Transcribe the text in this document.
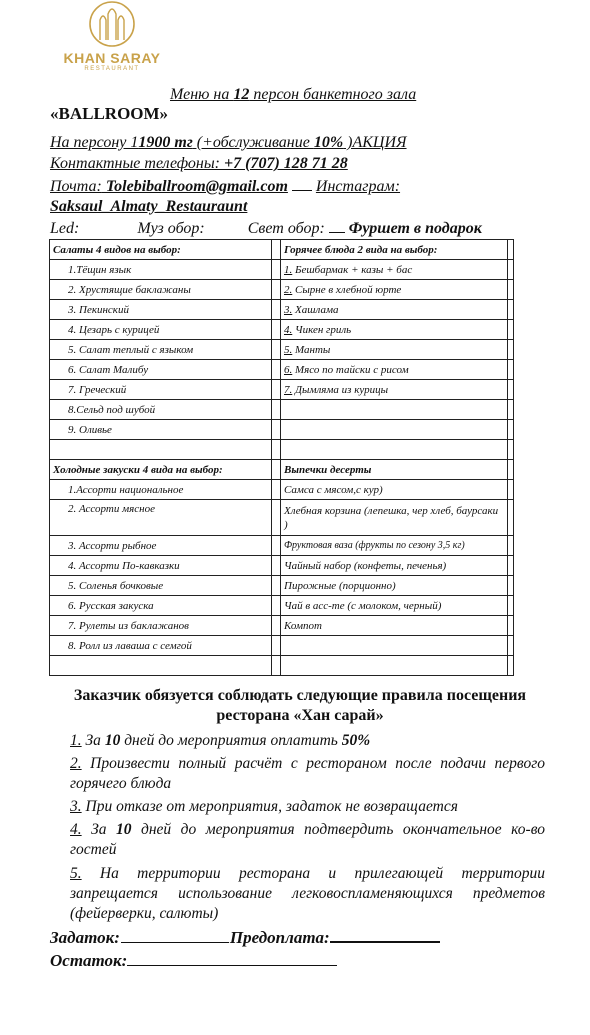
KHAN SARAY
RESTAURANT
Меню на 12 персон банкетного зала
«BALLROOM»
На персону 11900 тг (+обслуживание 10% )АКЦИЯ
Контактные телефоны: +7 (707) 128 71 28
Почта: Tolebiballroom@gmail.com Инстаграм:
Saksaul_Almaty_Restauraunt
Led:	Муз обор:	Свет обор: Фуршет в подарок
Салаты 4 видов на выбор:		Горячее блюда 2 вида на выбор:	
1.Тёщин язык		1. Бешбармак + казы + бас	
2. Хрустящие баклажаны		2. Сырне в хлебной юрте	
3. Пекинский		3. Хашлама	
4. Цезарь с курицей		4. Чикен гриль	
5. Салат теплый с языком		5. Манты	
6. Салат Малибу		6. Мясо по тайски с рисом	
7. Греческий		7. Дымляма из курицы	
8.Сельд под шубой			
9. Оливье			

Холодные закуски 4 вида на выбор:		Выпечки десерты	
1.Ассорти национальное		Самса с мясом,с кур)	
2. Ассорти мясное		Хлебная корзина (лепешка, чер хлеб, баурсаки )	
3. Ассорти рыбное		Фруктовая ваза (фрукты по сезону 3,5 кг)	
4. Ассорти По-кавказки		Чайный набор (конфеты, печенья)	
5. Соленья бочковые		Пирожные (порционно)	
6. Русская закуска		Чай в асс-те (с молоком, черный)	
7. Рулеты из баклажанов		Компот	
8. Ролл из лаваша с семгой			

Заказчик обязуется соблюдать следующие правила посещения
ресторана «Хан сарай»
1. За 10 дней до мероприятия оплатить 50%
2. Произвести полный расчёт с рестораном после подачи первого горячего блюда
3. При отказе от мероприятия, задаток не возвращается
4. За 10 дней до мероприятия подтвердить окончательное ко-во гостей
5. На территории ресторана и прилегающей территории запрещается использование легковоспламеняющихся предметов (фейерверки, салюты)
Задаток:	Предоплата:
Остаток:
